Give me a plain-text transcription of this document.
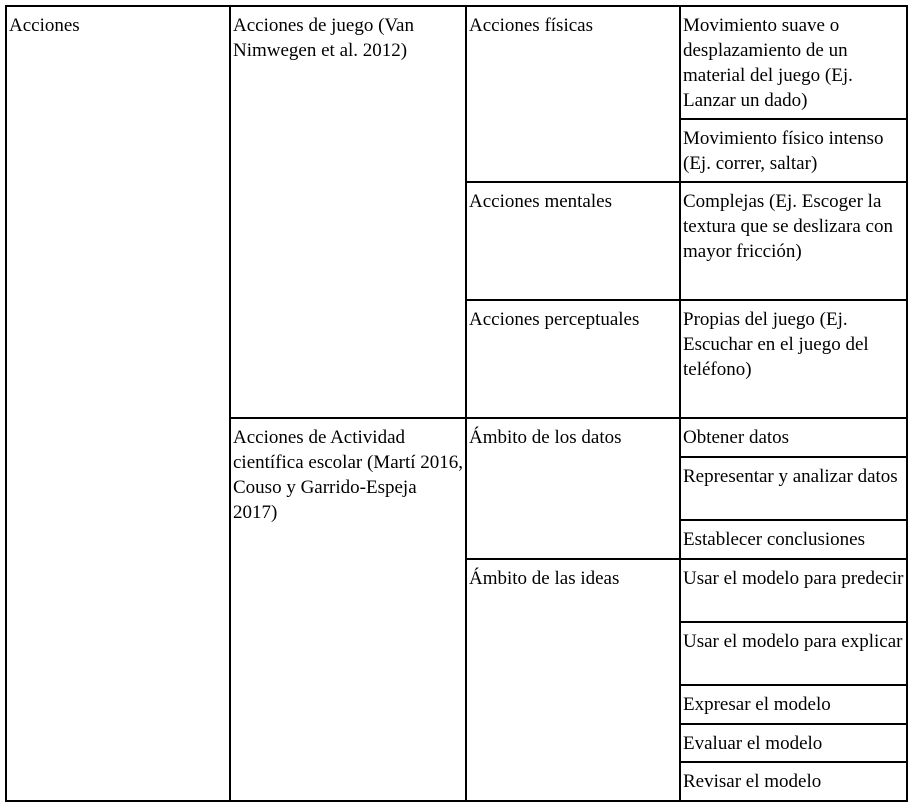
Acciones	Acciones de juego (Van Nimwegen et al. 2012)	Acciones físicas	Movimiento suave o desplazamiento de un material del juego (Ej. Lanzar un dado)
			Movimiento físico intenso (Ej. correr, saltar)
		Acciones mentales	Complejas (Ej. Escoger la textura que se deslizara con mayor fricción)
		Acciones perceptuales	Propias del juego (Ej. Escuchar en el juego del teléfono)
	Acciones de Actividad científica escolar (Martí 2016, Couso y Garrido-Espeja 2017)	Ámbito de los datos	Obtener datos
			Representar y analizar datos
			Establecer conclusiones
		Ámbito de las ideas	Usar el modelo para predecir
			Usar el modelo para explicar
			Expresar el modelo
			Evaluar el modelo
			Revisar el modelo
